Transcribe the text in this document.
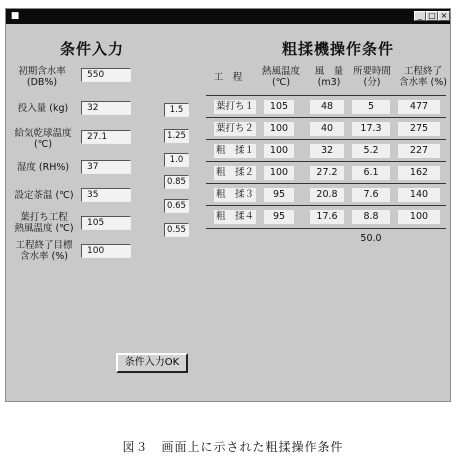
■	_ □ ×
条件入力
初期含水率
(DB%)
550
投入量 (kg)	32
給気乾球温度
(℃)
27.1
湿度 (RH%)	37
設定茶温 (℃)	35
葉打ち工程
熱風温度 (℃)	105
工程終了目標
含水率 (%)	100
1.5
1.25
1.0
0.85
0.65
0.55
粗揉機操作条件
工　程
熱風温度
(℃)
風　量
(m3)
所要時間
(分)
工程終了
含水率 (%)
葉打ち１	105	48	5	477
葉打ち２	100	40	17.3	275
粗　揉１	100	32	5.2	227
粗　揉２	100	27.2	6.1	162
粗　揉３	95	20.8	7.6	140
粗　揉４	95	17.6	8.8	100
50.0
条件入力OK
図３　画面上に示された粗揉操作条件
